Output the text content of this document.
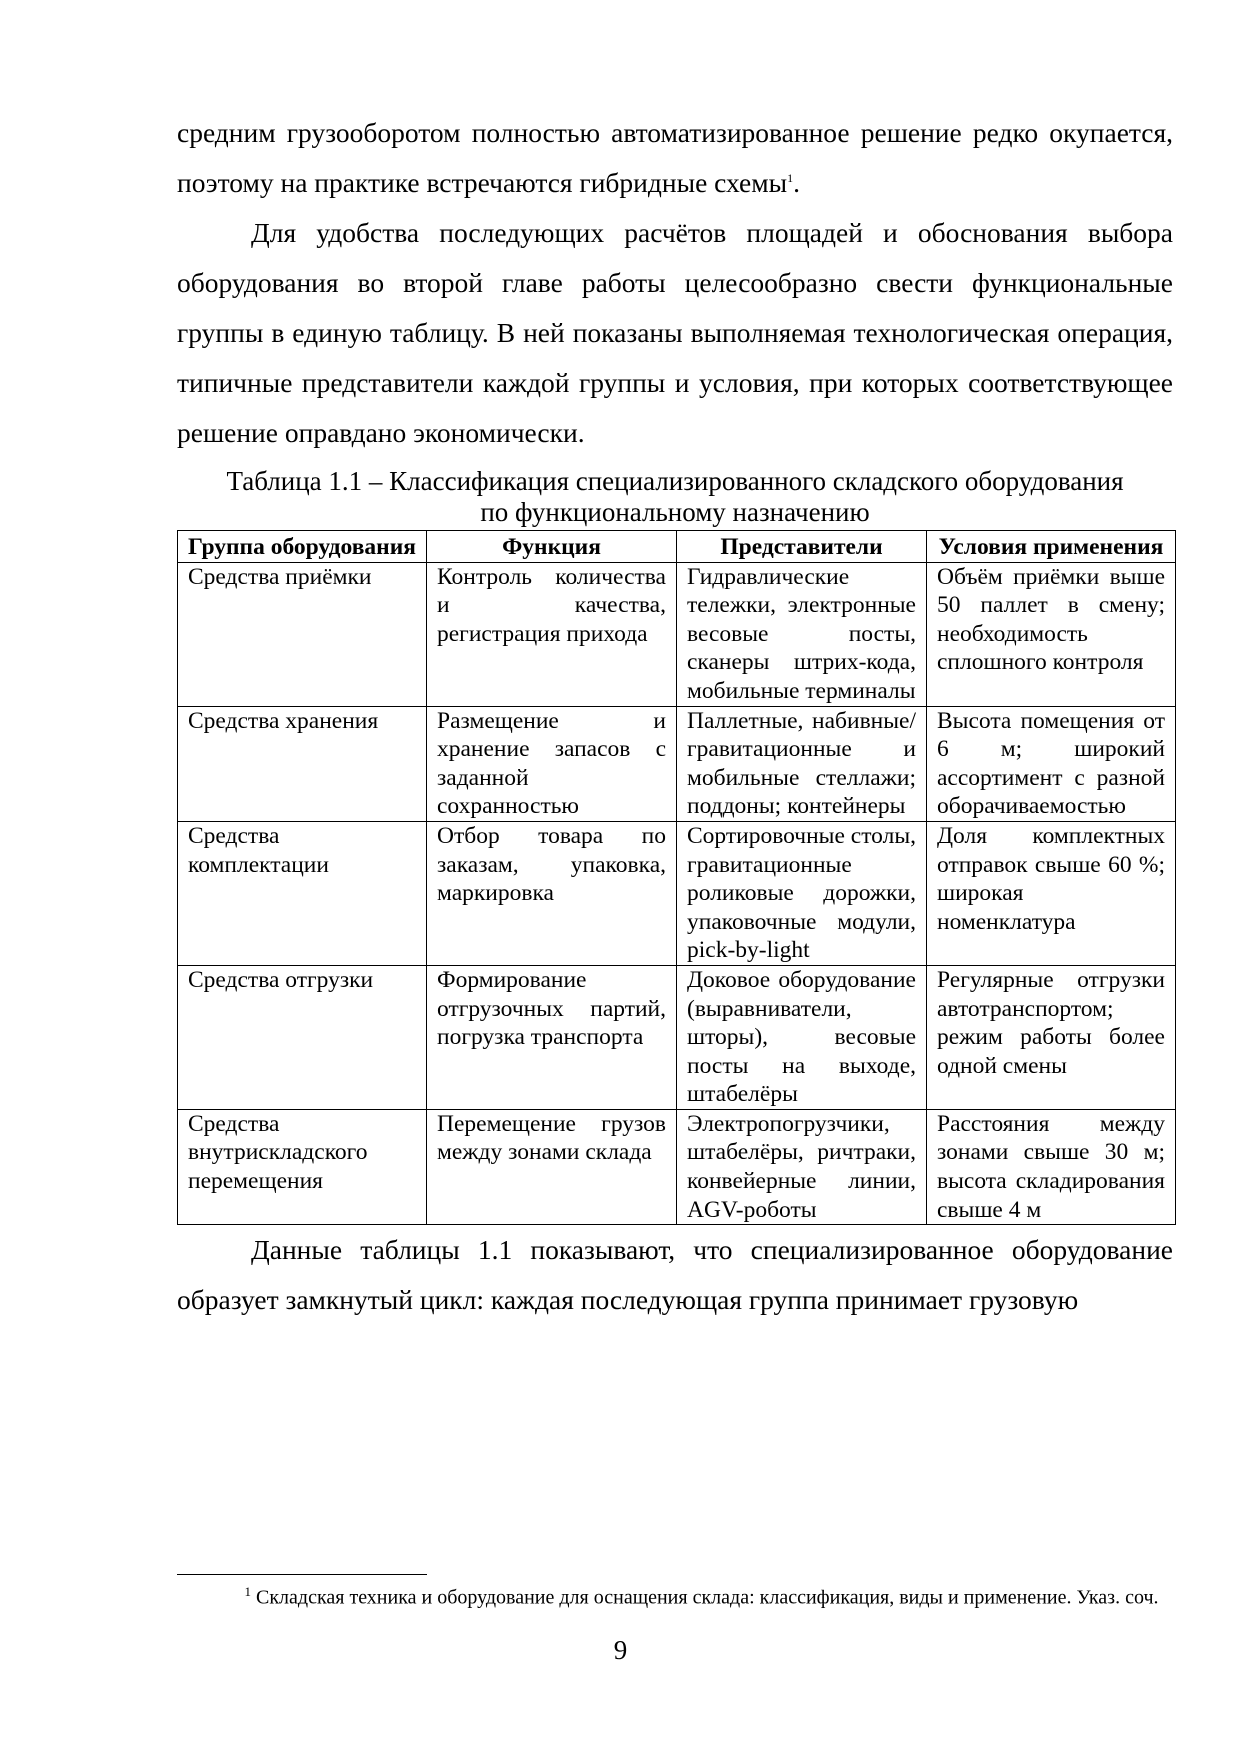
средним грузооборотом полностью автоматизированное решение редко окупается, поэтому на практике встречаются гибридные схемы$^1$.

Для удобства последующих расчётов площадей и обоснования выбора оборудования во второй главе работы целесообразно свести функциональные группы в единую таблицу. В ней показаны выполняемая технологическая операция, типичные представители каждой группы и условия, при которых соответствующее решение оправдано экономически.

Таблица 1.1 – Классификация специализированного складского оборудования
по функциональному назначению
Группа оборудования	Функция	Представители	Условия применения
Средства приёмки	Контроль количества и качества, регистрация прихода	Гидравлические тележки, электронные весовые посты, сканеры штрих-кода, мобильные терминалы	Объём приёмки выше 50 паллет в смену; необходимость сплошного контроля
Средства хранения	Размещение и хранение запасов с заданной сохранностью	Паллетные, набивные/гравитационные и мобильные стеллажи; поддоны; контейнеры	Высота помещения от 6 м; широкий ассортимент с разной оборачиваемостью
Средства комплектации	Отбор товара по заказам, упаковка, маркировка	Сортировочные столы, гравитационные роликовые дорожки, упаковочные модули, pick-by-light	Доля комплектных отправок свыше 60 %; широкая номенклатура
Средства отгрузки	Формирование отгрузочных партий, погрузка транспорта	Доковое оборудование (выравниватели, шторы), весовые посты на выходе, штабелёры	Регулярные отгрузки автотранспортом; режим работы более одной смены
Средства внутрискладского перемещения	Перемещение грузов между зонами склада	Электропогрузчики, штабелёры, ричтраки, конвейерные линии, AGV-роботы	Расстояния между зонами свыше 30 м; высота складирования свыше 4 м

Данные таблицы 1.1 показывают, что специализированное оборудование образует замкнутый цикл: каждая последующая группа принимает грузовую

$^1$ Складская техника и оборудование для оснащения склада: классификация, виды и применение. Указ. соч.
9
